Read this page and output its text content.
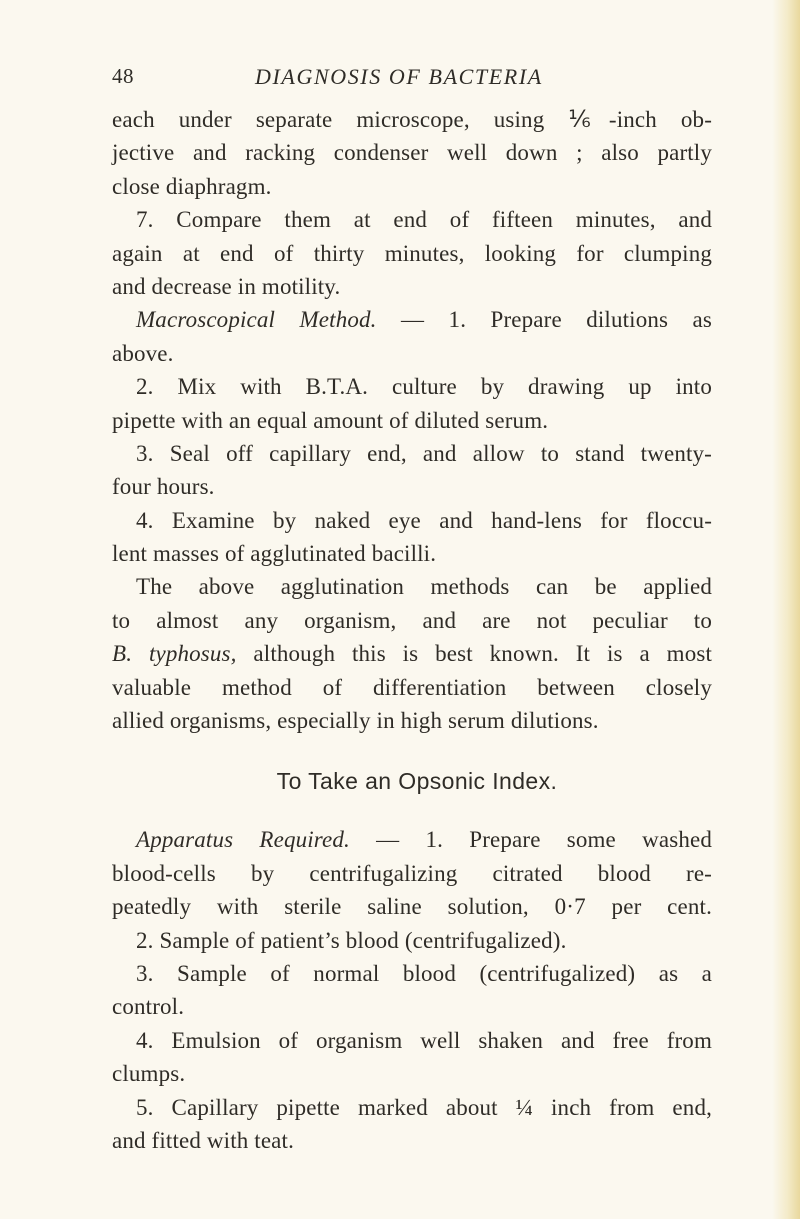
48	DIAGNOSIS OF BACTERIA
each under separate microscope, using ⅙-inch ob-
jective and racking condenser well down ; also partly
close diaphragm.
7. Compare them at end of fifteen minutes, and
again at end of thirty minutes, looking for clumping
and decrease in motility.
Macroscopical Method. — 1. Prepare dilutions as
above.
2. Mix with B.T.A. culture by drawing up into
pipette with an equal amount of diluted serum.
3. Seal off capillary end, and allow to stand twenty-
four hours.
4. Examine by naked eye and hand-lens for floccu-
lent masses of agglutinated bacilli.
The above agglutination methods can be applied
to almost any organism, and are not peculiar to
B. typhosus, although this is best known. It is a most
valuable method of differentiation between closely
allied organisms, especially in high serum dilutions.
To Take an Opsonic Index.
Apparatus Required. — 1. Prepare some washed
blood-cells by centrifugalizing citrated blood re-
peatedly with sterile saline solution, 0·7 per cent.
2. Sample of patient’s blood (centrifugalized).
3. Sample of normal blood (centrifugalized) as a
control.
4. Emulsion of organism well shaken and free from
clumps.
5. Capillary pipette marked about ¼ inch from end,
and fitted with teat.
